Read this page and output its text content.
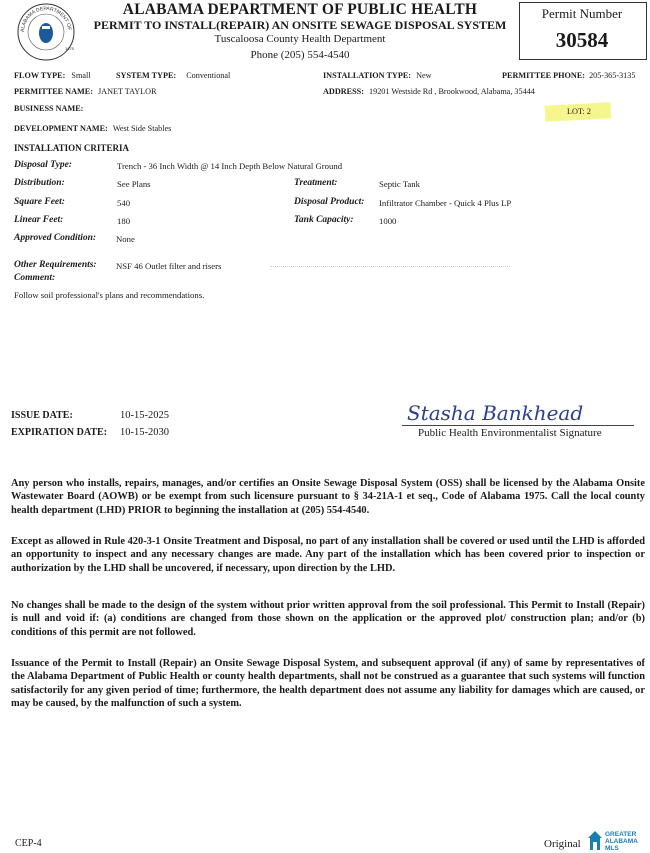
ALABAMA DEPARTMENT OF
1875
ALABAMA DEPARTMENT OF PUBLIC HEALTH
PERMIT TO INSTALL(REPAIR) AN ONSITE SEWAGE DISPOSAL SYSTEM
Tuscaloosa County Health Department
Phone (205) 554-4540
Permit Number
30584
FLOW TYPE: Small	SYSTEM TYPE: Conventional	INSTALLATION TYPE: New	PERMITTEE PHONE: 205-365-3135
PERMITTEE NAME: JANET TAYLOR	ADDRESS: 19201 Westside Rd , Brookwood, Alabama, 35444
BUSINESS NAME:	LOT: 2
DEVELOPMENT NAME: West Side Stables
INSTALLATION CRITERIA
Disposal Type:	Trench - 36 Inch Width @ 14 Inch Depth Below Natural Ground
Distribution:	See Plans	Treatment:	Septic Tank
Square Feet:	540	Disposal Product: Infiltrator Chamber - Quick 4 Plus LP
Linear Feet:	180	Tank Capacity:	1000
Approved Condition: None
Other Requirements: NSF 46 Outlet filter and risers
Comment:
Follow soil professional's plans and recommendations.
ISSUE DATE:	10-15-2025
EXPIRATION DATE: 10-15-2030
Stasha Bankhead
Public Health Environmentalist Signature
Any person who installs, repairs, manages, and/or certifies an Onsite Sewage Disposal System (OSS) shall be licensed by the Alabama Onsite Wastewater Board (AOWB) or be exempt from such licensure pursuant to § 34-21A-1 et seq., Code of Alabama 1975. Call the local county health department (LHD) PRIOR to beginning the installation at (205) 554-4540.
Except as allowed in Rule 420-3-1 Onsite Treatment and Disposal, no part of any installation shall be covered or used until the LHD is afforded an opportunity to inspect and any necessary changes are made. Any part of the installation which has been covered prior to inspection or authorization by the LHD shall be uncovered, if necessary, upon direction by the LHD.
No changes shall be made to the design of the system without prior written approval from the soil professional. This Permit to Install (Repair) is null and void if: (a) conditions are changed from those shown on the application or the approved plot/ construction plan; and/or (b) conditions of this permit are not followed.
Issuance of the Permit to Install (Repair) an Onsite Sewage Disposal System, and subsequent approval (if any) of same by representatives of the Alabama Department of Public Health or county health departments, shall not be construed as a guarantee that such systems will function satisfactorily for any given period of time; furthermore, the health department does not assume any liability for damages which are caused, or may be caused, by the malfunction of such a system.
CEP-4	Original
GREATER
ALABAMA
MLS
